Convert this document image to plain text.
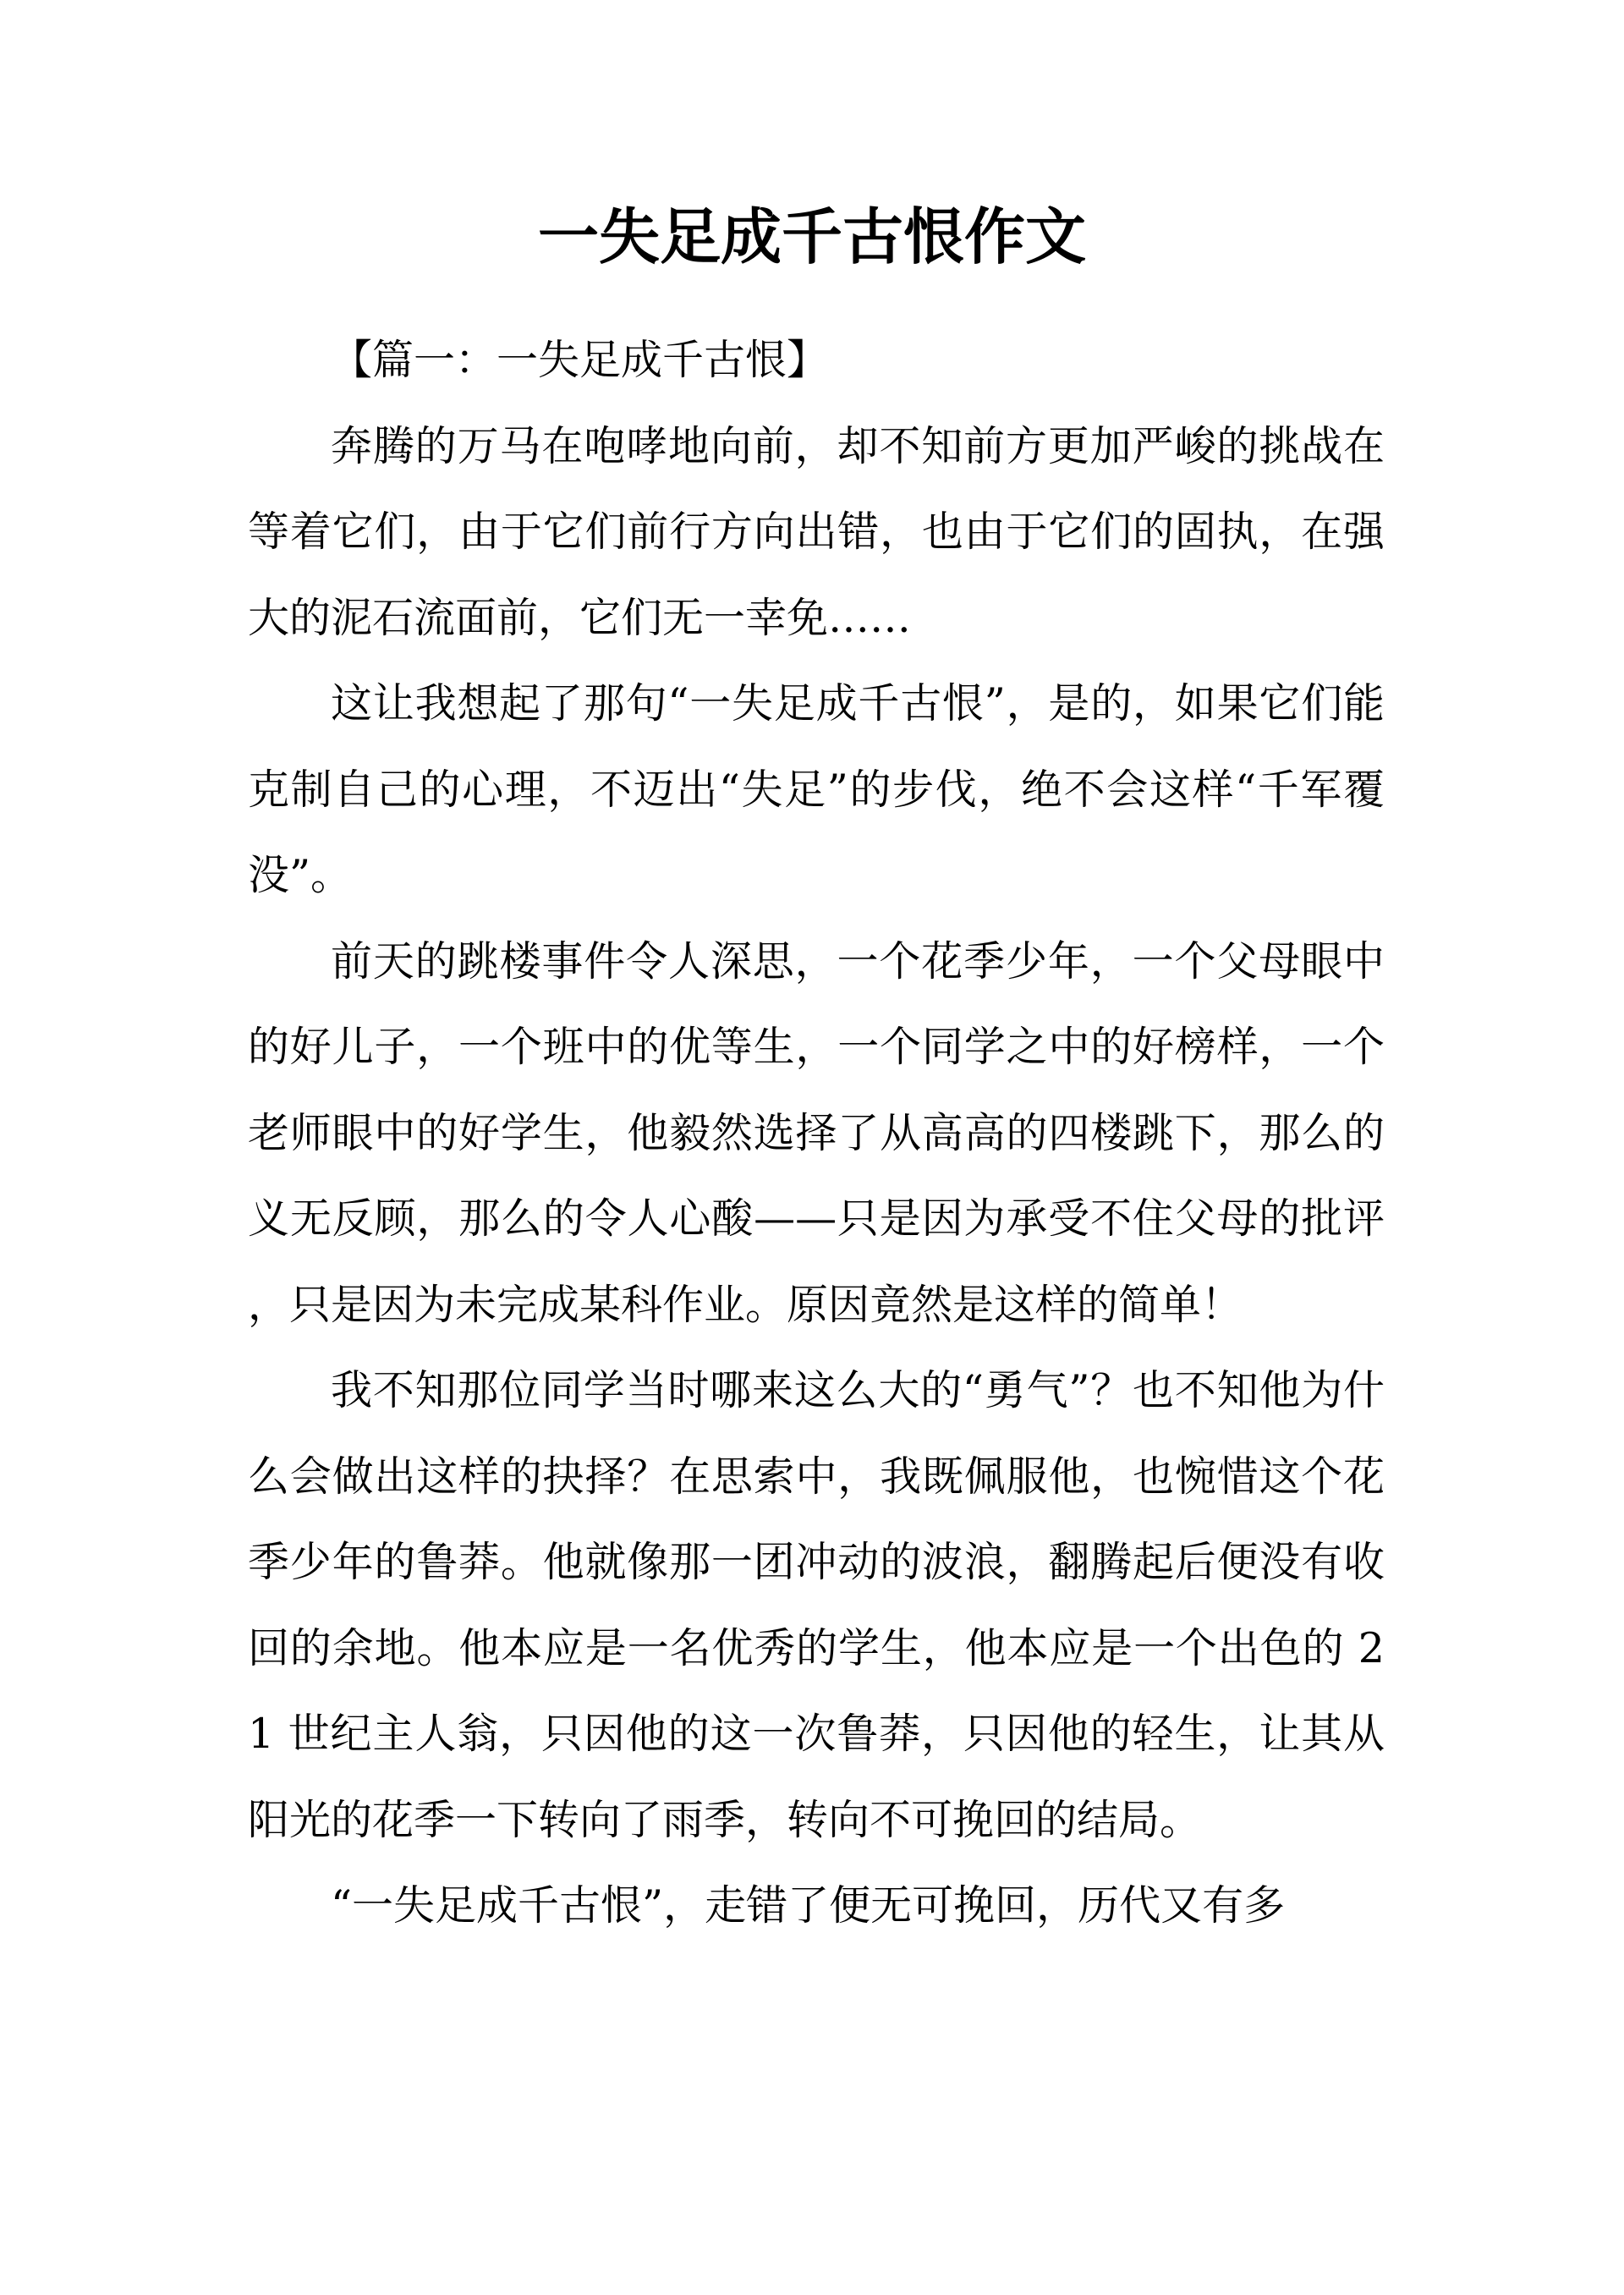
一失足成千古恨作文

【篇一：一失足成千古恨】

奔腾的万马在咆哮地向前，却不知前方更加严峻的挑战在等着它们，由于它们前行方向出错，也由于它们的固执，在强大的泥石流面前，它们无一幸免……

这让我想起了那句“一失足成千古恨”，是的，如果它们能克制自己的心理，不迈出“失足”的步伐，绝不会这样“千军覆没”。

前天的跳楼事件令人深思，一个花季少年，一个父母眼中的好儿子，一个班中的优等生，一个同学之中的好榜样，一个老师眼中的好学生，他毅然选择了从高高的四楼跳下，那么的义无反顾，那么的令人心酸——只是因为承受不住父母的批评，只是因为未完成某科作业。原因竟然是这样的简单！

我不知那位同学当时哪来这么大的“勇气”？也不知他为什么会做出这样的抉择？在思索中，我既佩服他，也惋惜这个花季少年的鲁莽。他就像那一团冲动的波浪，翻腾起后便没有收回的余地。他本应是一名优秀的学生，他本应是一个出色的 21 世纪主人翁，只因他的这一次鲁莽，只因他的轻生，让其从阳光的花季一下转向了雨季，转向不可挽回的结局。

“一失足成千古恨”，走错了便无可挽回，历代又有多
